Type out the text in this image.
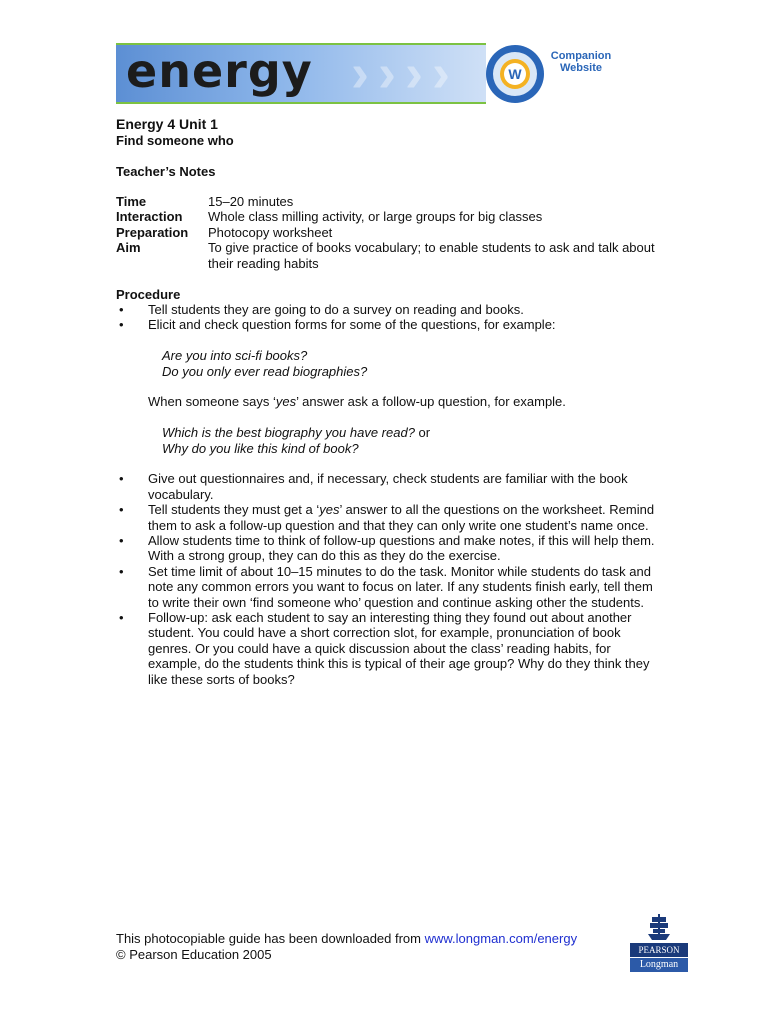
› › › ›
energy	W
Companion
Website
Energy 4 Unit 1
Find someone who
Teacher’s Notes
Time	15–20 minutes
Interaction	Whole class milling activity, or large groups for big classes
Preparation	Photocopy worksheet
Aim	To give practice of books vocabulary; to enable students to ask and talk about their reading habits
Procedure
•	Tell students they are going to do a survey on reading and books.
•	Elicit and check question forms for some of the questions, for example:
Are you into sci-fi books?
Do you only ever read biographies?
When someone says ‘yes’ answer ask a follow-up question, for example.
Which is the best biography you have read? or
Why do you like this kind of book?
•	Give out questionnaires and, if necessary, check students are familiar with the book vocabulary.
•	Tell students they must get a ‘yes’ answer to all the questions on the worksheet. Remind them to ask a follow-up question and that they can only write one student’s name once.
•	Allow students time to think of follow-up questions and make notes, if this will help them. With a strong group, they can do this as they do the exercise.
•	Set time limit of about 10–15 minutes to do the task. Monitor while students do task and note any common errors you want to focus on later. If any students finish early, tell them to write their own ‘find someone who’ question and continue asking other the students.
•	Follow-up: ask each student to say an interesting thing they found out about another student. You could have a short correction slot, for example, pronunciation of book genres. Or you could have a quick discussion about the class’ reading habits, for example, do the students think this is typical of their age group? Why do they think they like these sorts of books?
This photocopiable guide has been downloaded from www.longman.com/energy
© Pearson Education 2005	PEARSON
Longman
